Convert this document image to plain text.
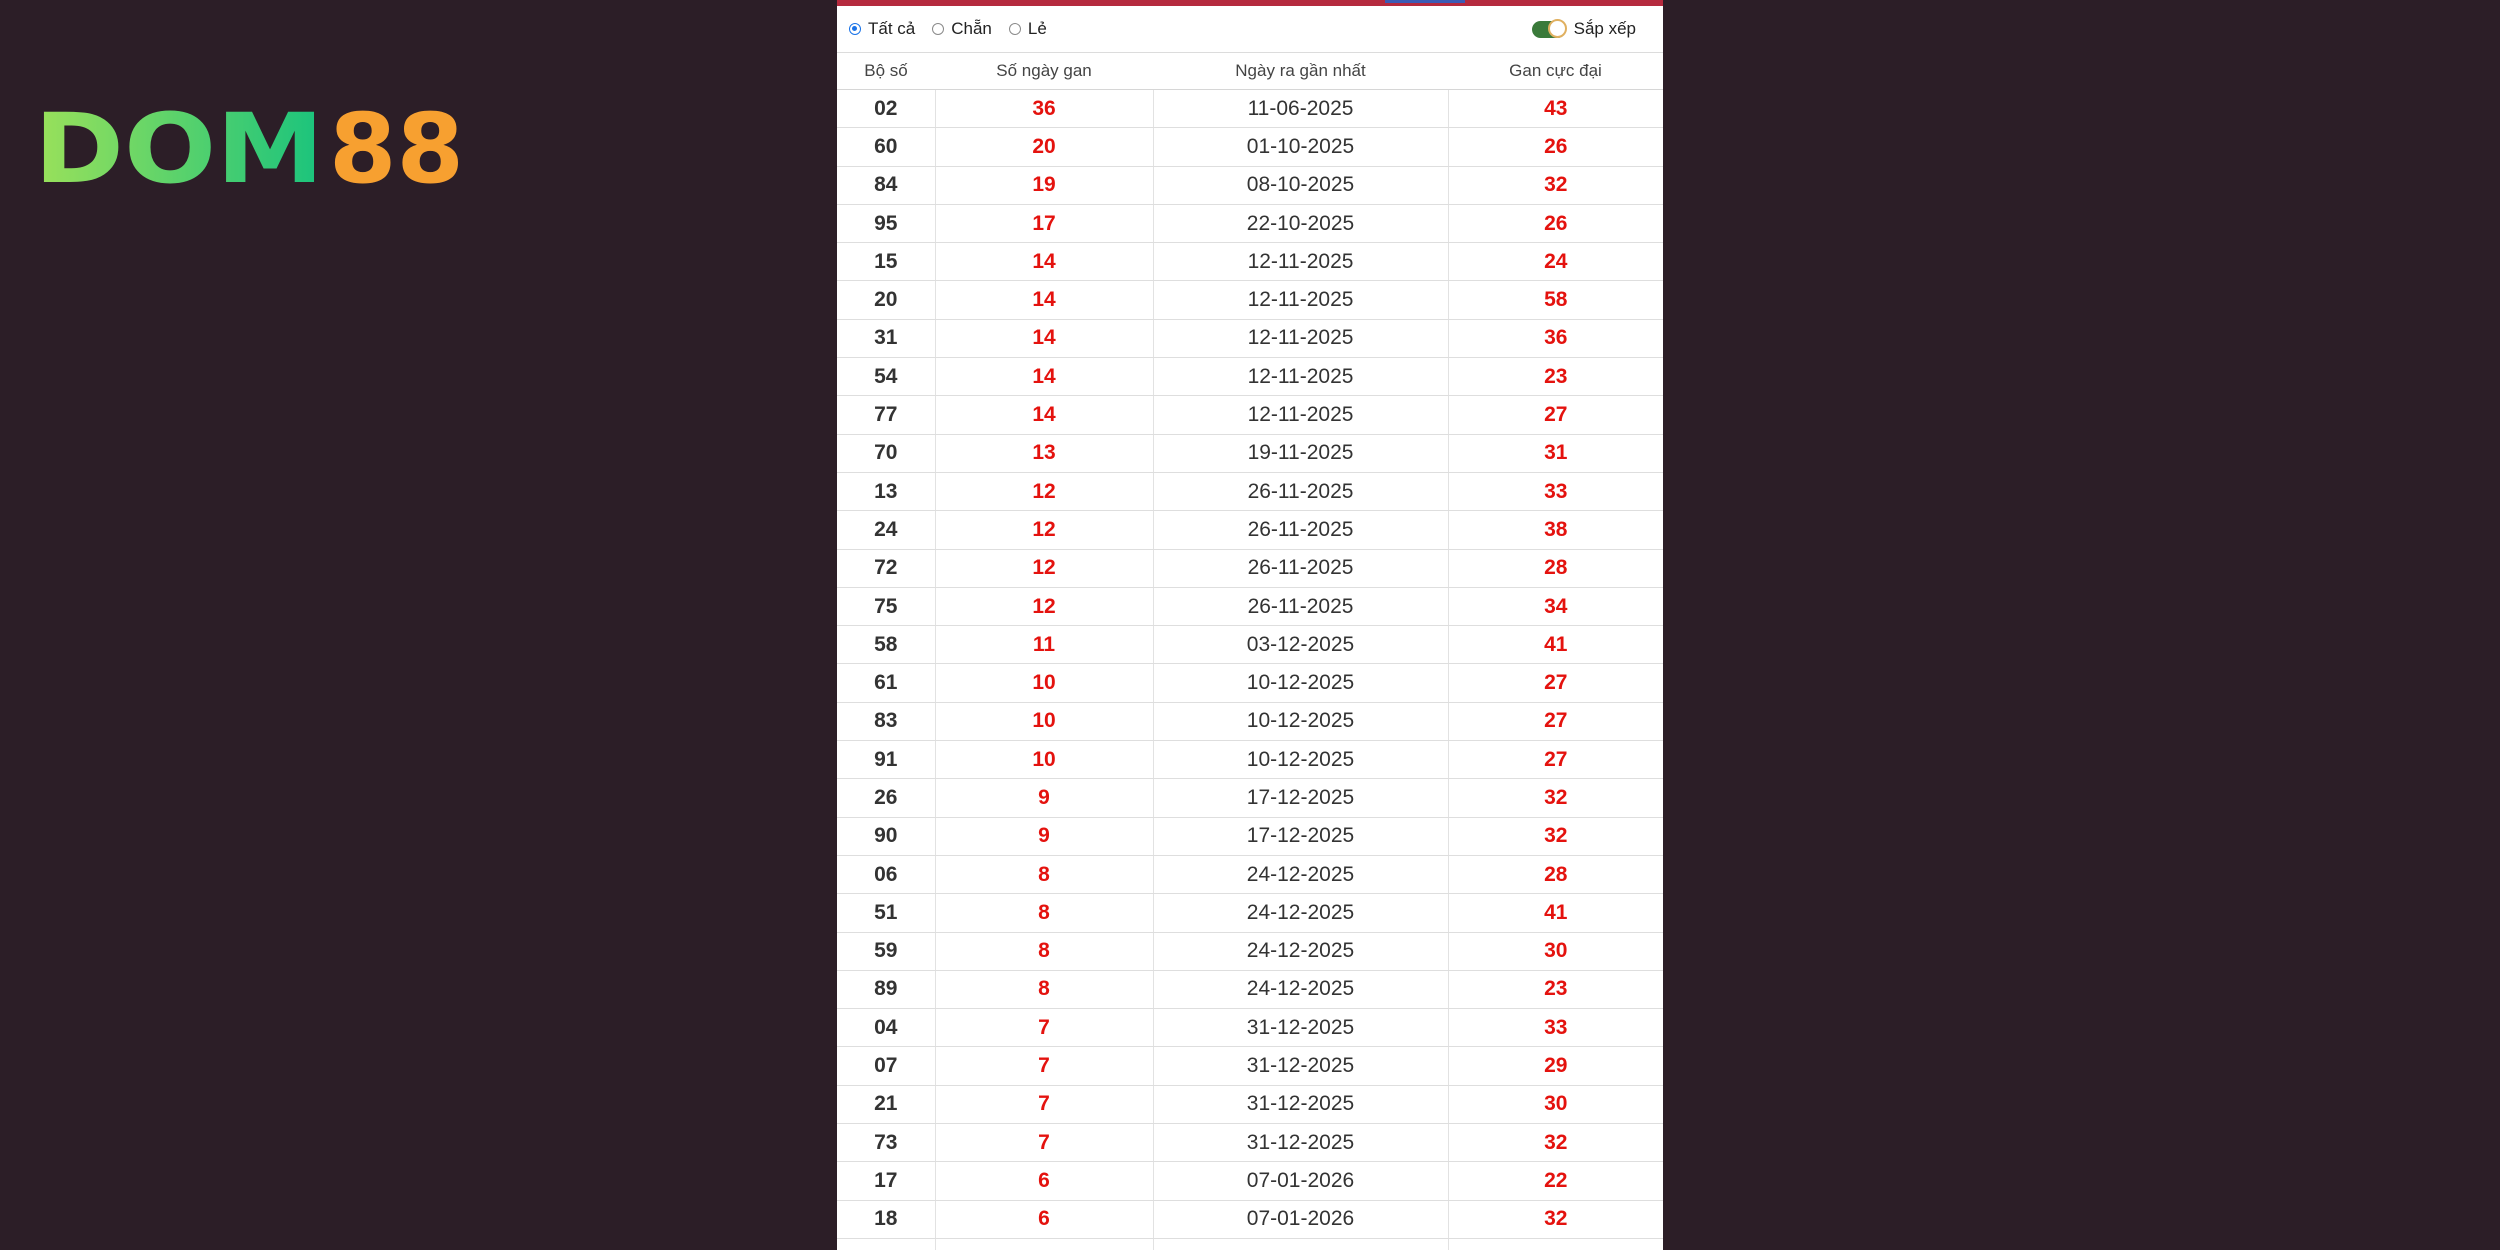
DOM 88
Tất cả Chẵn Lẻ	Sắp xếp
Bộ số	Số ngày gan	Ngày ra gần nhất	Gan cực đại
02	36	11-06-2025	43
60	20	01-10-2025	26
84	19	08-10-2025	32
95	17	22-10-2025	26
15	14	12-11-2025	24
20	14	12-11-2025	58
31	14	12-11-2025	36
54	14	12-11-2025	23
77	14	12-11-2025	27
70	13	19-11-2025	31
13	12	26-11-2025	33
24	12	26-11-2025	38
72	12	26-11-2025	28
75	12	26-11-2025	34
58	11	03-12-2025	41
61	10	10-12-2025	27
83	10	10-12-2025	27
91	10	10-12-2025	27
26	9	17-12-2025	32
90	9	17-12-2025	32
06	8	24-12-2025	28
51	8	24-12-2025	41
59	8	24-12-2025	30
89	8	24-12-2025	23
04	7	31-12-2025	33
07	7	31-12-2025	29
21	7	31-12-2025	30
73	7	31-12-2025	32
17	6	07-01-2026	22
18	6	07-01-2026	32
